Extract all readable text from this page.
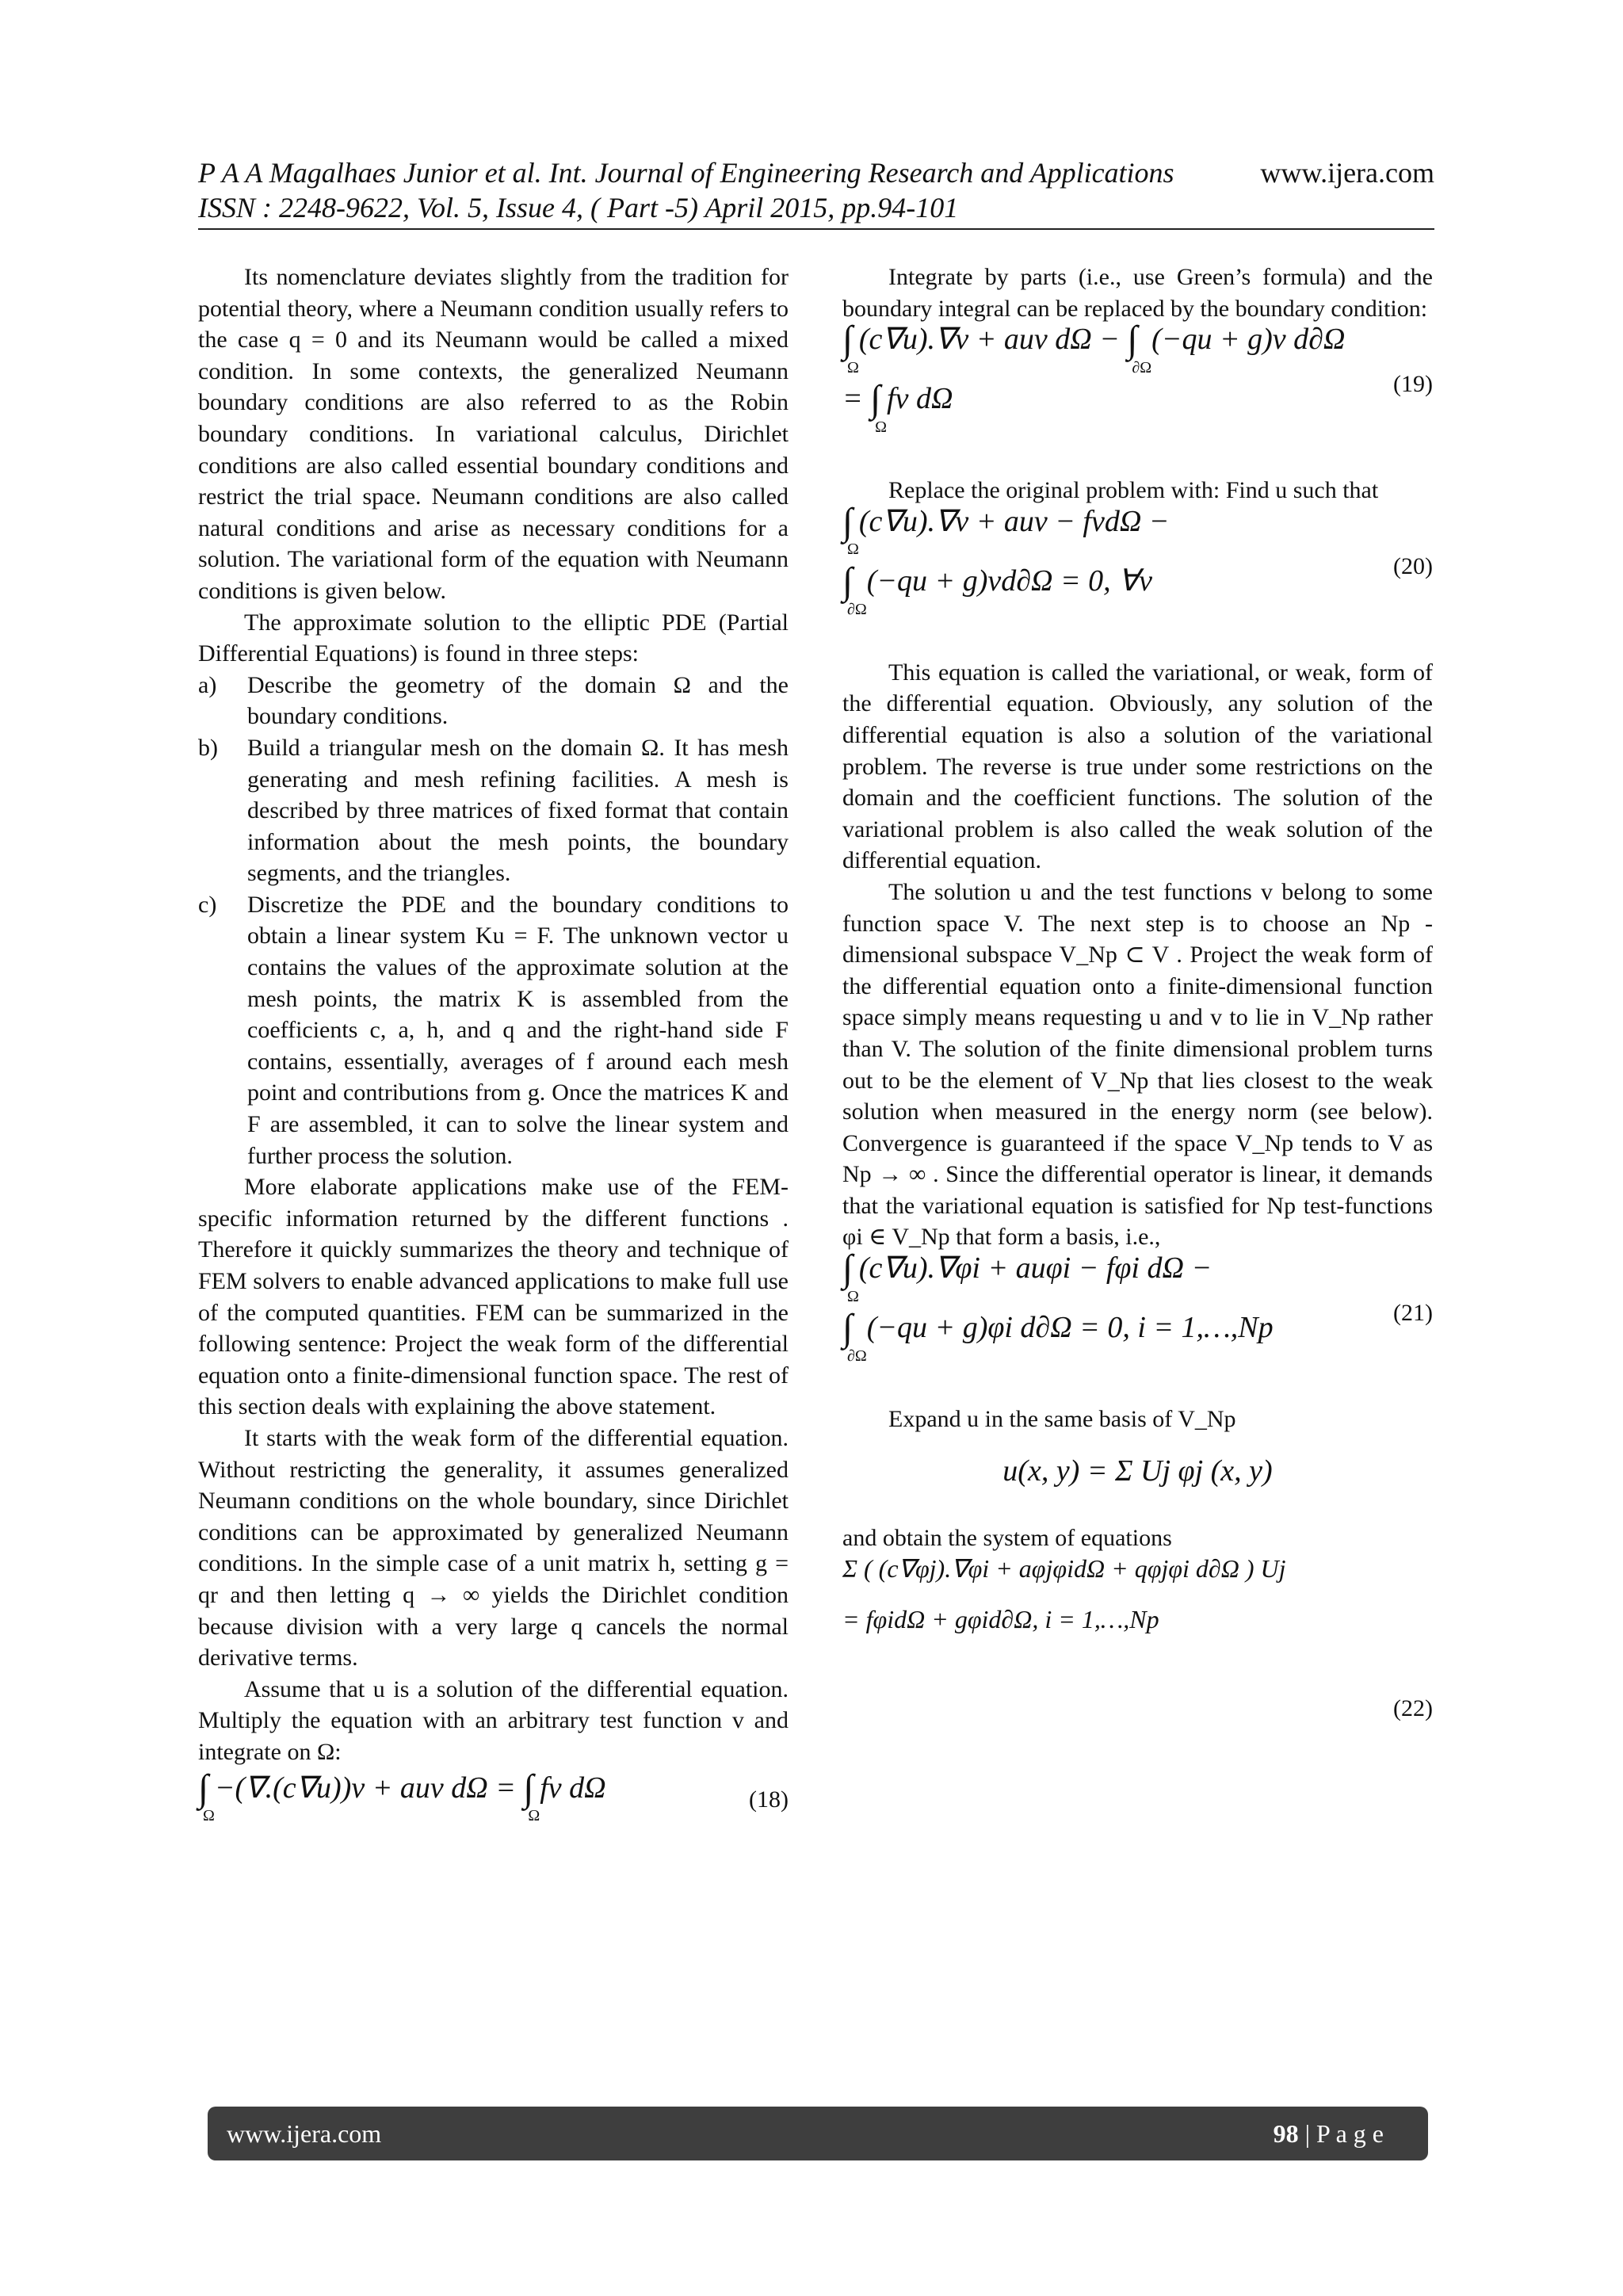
P A A Magalhaes Junior et al. Int. Journal of Engineering Research and Applications	www.ijera.com
ISSN : 2248-9622, Vol. 5, Issue 4, ( Part -5) April 2015, pp.94-101

Its nomenclature deviates slightly from the tradition for potential theory, where a Neumann condition usually refers to the case q = 0 and its Neumann would be called a mixed condition. In some contexts, the generalized Neumann boundary conditions are also referred to as the Robin boundary conditions. In variational calculus, Dirichlet conditions are also called essential boundary conditions and restrict the trial space. Neumann conditions are also called natural conditions and arise as necessary conditions for a solution. The variational form of the equation with Neumann conditions is given below.

The approximate solution to the elliptic PDE (Partial Differential Equations) is found in three steps:

a)	Describe the geometry of the domain Ω and the boundary conditions.
b)	Build a triangular mesh on the domain Ω. It has mesh generating and mesh refining facilities. A mesh is described by three matrices of fixed format that contain information about the mesh points, the boundary segments, and the triangles.
c)	Discretize the PDE and the boundary conditions to obtain a linear system Ku = F. The unknown vector u contains the values of the approximate solution at the mesh points, the matrix K is assembled from the coefficients c, a, h, and q and the right-hand side F contains, essentially, averages of f around each mesh point and contributions from g. Once the matrices K and F are assembled, it can to solve the linear system and further process the solution.

More elaborate applications make use of the FEM-specific information returned by the different functions . Therefore it quickly summarizes the theory and technique of FEM solvers to enable advanced applications to make full use of the computed quantities. FEM can be summarized in the following sentence: Project the weak form of the differential equation onto a finite-dimensional function space. The rest of this section deals with explaining the above statement.

It starts with the weak form of the differential equation. Without restricting the generality, it assumes generalized Neumann conditions on the whole boundary, since Dirichlet conditions can be approximated by generalized Neumann conditions. In the simple case of a unit matrix h, setting g = qr and then letting q → ∞ yields the Dirichlet condition because division with a very large q cancels the normal derivative terms.

Assume that u is a solution of the differential equation. Multiply the equation with an arbitrary test function v and integrate on Ω:

∫
Ω
−(∇.(c∇u))v + auv dΩ = ∫
Ω
fv dΩ	(18)

Integrate by parts (i.e., use Green’s formula) and the boundary integral can be replaced by the boundary condition:

∫
Ω
(c∇u).∇v + auv dΩ − ∫
∂Ω
(−qu + g)v d∂Ω
= ∫
Ω
fv dΩ	(19)

Replace the original problem with: Find u such that

∫
Ω
(c∇u).∇v + auv − fvdΩ −
∫
∂Ω
(−qu + g)vd∂Ω = 0, ∀v	(20)

This equation is called the variational, or weak, form of the differential equation. Obviously, any solution of the differential equation is also a solution of the variational problem. The reverse is true under some restrictions on the domain and the coefficient functions. The solution of the variational problem is also called the weak solution of the differential equation.

The solution u and the test functions v belong to some function space V. The next step is to choose an Np -dimensional subspace V_Np ⊂ V . Project the weak form of the differential equation onto a finite-dimensional function space simply means requesting u and v to lie in V_Np rather than V. The solution of the finite dimensional problem turns out to be the element of V_Np that lies closest to the weak solution when measured in the energy norm (see below). Convergence is guaranteed if the space V_Np tends to V as Np → ∞ . Since the differential operator is linear, it demands that the variational equation is satisfied for Np test-functions φi ∈ V_Np that form a basis, i.e.,

∫
Ω
(c∇u).∇φi + auφi − fφi dΩ −
∫
∂Ω
(−qu + g)φi d∂Ω = 0, i = 1,…,Np	(21)

Expand u in the same basis of V_Np

u(x, y) = Σ Uj φj (x, y)

and obtain the system of equations

Σ ( (c∇φj).∇φi + aφjφidΩ + qφjφi d∂Ω ) Uj
= fφidΩ + gφid∂Ω, i = 1,…,Np
(22)
www.ijera.com	98 | P a g e
